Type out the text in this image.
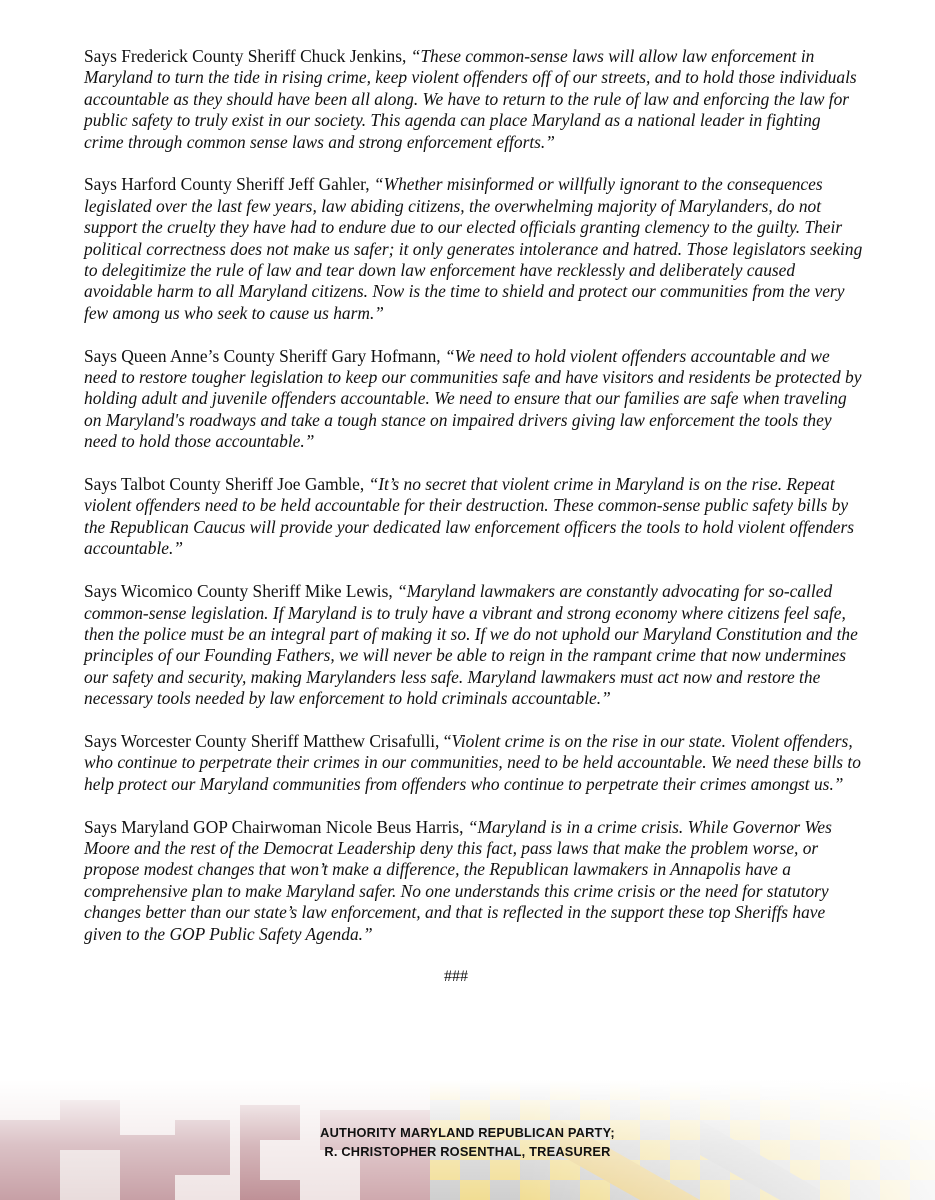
Says Frederick County Sheriff Chuck Jenkins, “These common-sense laws will allow law enforcement in Maryland to turn the tide in rising crime, keep violent offenders off of our streets, and to hold those individuals accountable as they should have been all along. We have to return to the rule of law and enforcing the law for public safety to truly exist in our society. This agenda can place Maryland as a national leader in fighting crime through common sense laws and strong enforcement efforts.”

Says Harford County Sheriff Jeff Gahler, “Whether misinformed or willfully ignorant to the consequences legislated over the last few years, law abiding citizens, the overwhelming majority of Marylanders, do not support the cruelty they have had to endure due to our elected officials granting clemency to the guilty. Their political correctness does not make us safer; it only generates intolerance and hatred. Those legislators seeking to delegitimize the rule of law and tear down law enforcement have recklessly and deliberately caused avoidable harm to all Maryland citizens. Now is the time to shield and protect our communities from the very few among us who seek to cause us harm.”

Says Queen Anne’s County Sheriff Gary Hofmann, “We need to hold violent offenders accountable and we need to restore tougher legislation to keep our communities safe and have visitors and residents be protected by holding adult and juvenile offenders accountable. We need to ensure that our families are safe when traveling on Maryland's roadways and take a tough stance on impaired drivers giving law enforcement the tools they need to hold those accountable.”

Says Talbot County Sheriff Joe Gamble, “It’s no secret that violent crime in Maryland is on the rise. Repeat violent offenders need to be held accountable for their destruction. These common-sense public safety bills by the Republican Caucus will provide your dedicated law enforcement officers the tools to hold violent offenders accountable.”

Says Wicomico County Sheriff Mike Lewis, “Maryland lawmakers are constantly advocating for so-called common-sense legislation. If Maryland is to truly have a vibrant and strong economy where citizens feel safe, then the police must be an integral part of making it so. If we do not uphold our Maryland Constitution and the principles of our Founding Fathers, we will never be able to reign in the rampant crime that now undermines our safety and security, making Marylanders less safe. Maryland lawmakers must act now and restore the necessary tools needed by law enforcement to hold criminals accountable.”

Says Worcester County Sheriff Matthew Crisafulli, “Violent crime is on the rise in our state. Violent offenders, who continue to perpetrate their crimes in our communities, need to be held accountable. We need these bills to help protect our Maryland communities from offenders who continue to perpetrate their crimes amongst us.”

Says Maryland GOP Chairwoman Nicole Beus Harris, “Maryland is in a crime crisis. While Governor Wes Moore and the rest of the Democrat Leadership deny this fact, pass laws that make the problem worse, or propose modest changes that won’t make a difference, the Republican lawmakers in Annapolis have a comprehensive plan to make Maryland safer. No one understands this crime crisis or the need for statutory changes better than our state’s law enforcement, and that is reflected in the support these top Sheriffs have given to the GOP Public Safety Agenda.”

###
AUTHORITY MARYLAND REPUBLICAN PARTY;
R. CHRISTOPHER ROSENTHAL, TREASURER
